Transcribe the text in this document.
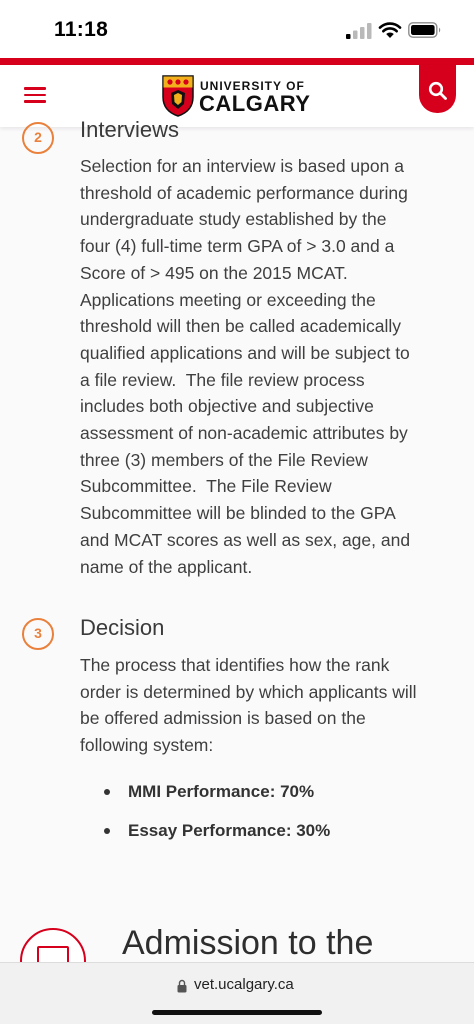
11:18
UNIVERSITY OF
CALGARY
2	Interviews
Selection for an interview is based upon a
threshold of academic performance during
undergraduate study established by the
four (4) full-time term GPA of > 3.0 and a
Score of > 495 on the 2015 MCAT.
Applications meeting or exceeding the
threshold will then be called academically
qualified applications and will be subject to
a file review.  The file review process
includes both objective and subjective
assessment of non-academic attributes by
three (3) members of the File Review
Subcommittee.  The File Review
Subcommittee will be blinded to the GPA
and MCAT scores as well as sex, age, and
name of the applicant.
3	Decision
The process that identifies how the rank
order is determined by which applicants will
be offered admission is based on the
following system:
MMI Performance: 70%
Essay Performance: 30%
Admission to the
vet.ucalgary.ca
